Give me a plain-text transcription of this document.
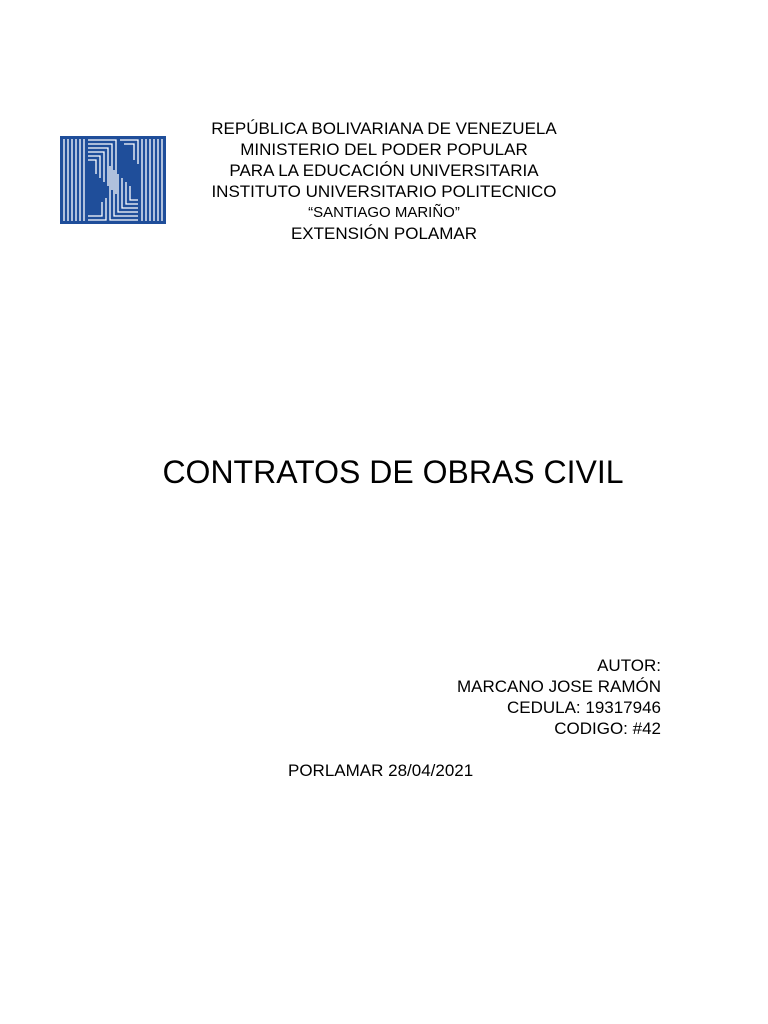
REPÚBLICA BOLIVARIANA DE VENEZUELA
MINISTERIO DEL PODER POPULAR
PARA LA EDUCACIÓN UNIVERSITARIA
INSTITUTO UNIVERSITARIO POLITECNICO
“SANTIAGO MARIÑO”
EXTENSIÓN POLAMAR
CONTRATOS DE OBRAS CIVIL
AUTOR:
MARCANO JOSE RAMÓN
CEDULA: 19317946
CODIGO: #42
PORLAMAR 28/04/2021
